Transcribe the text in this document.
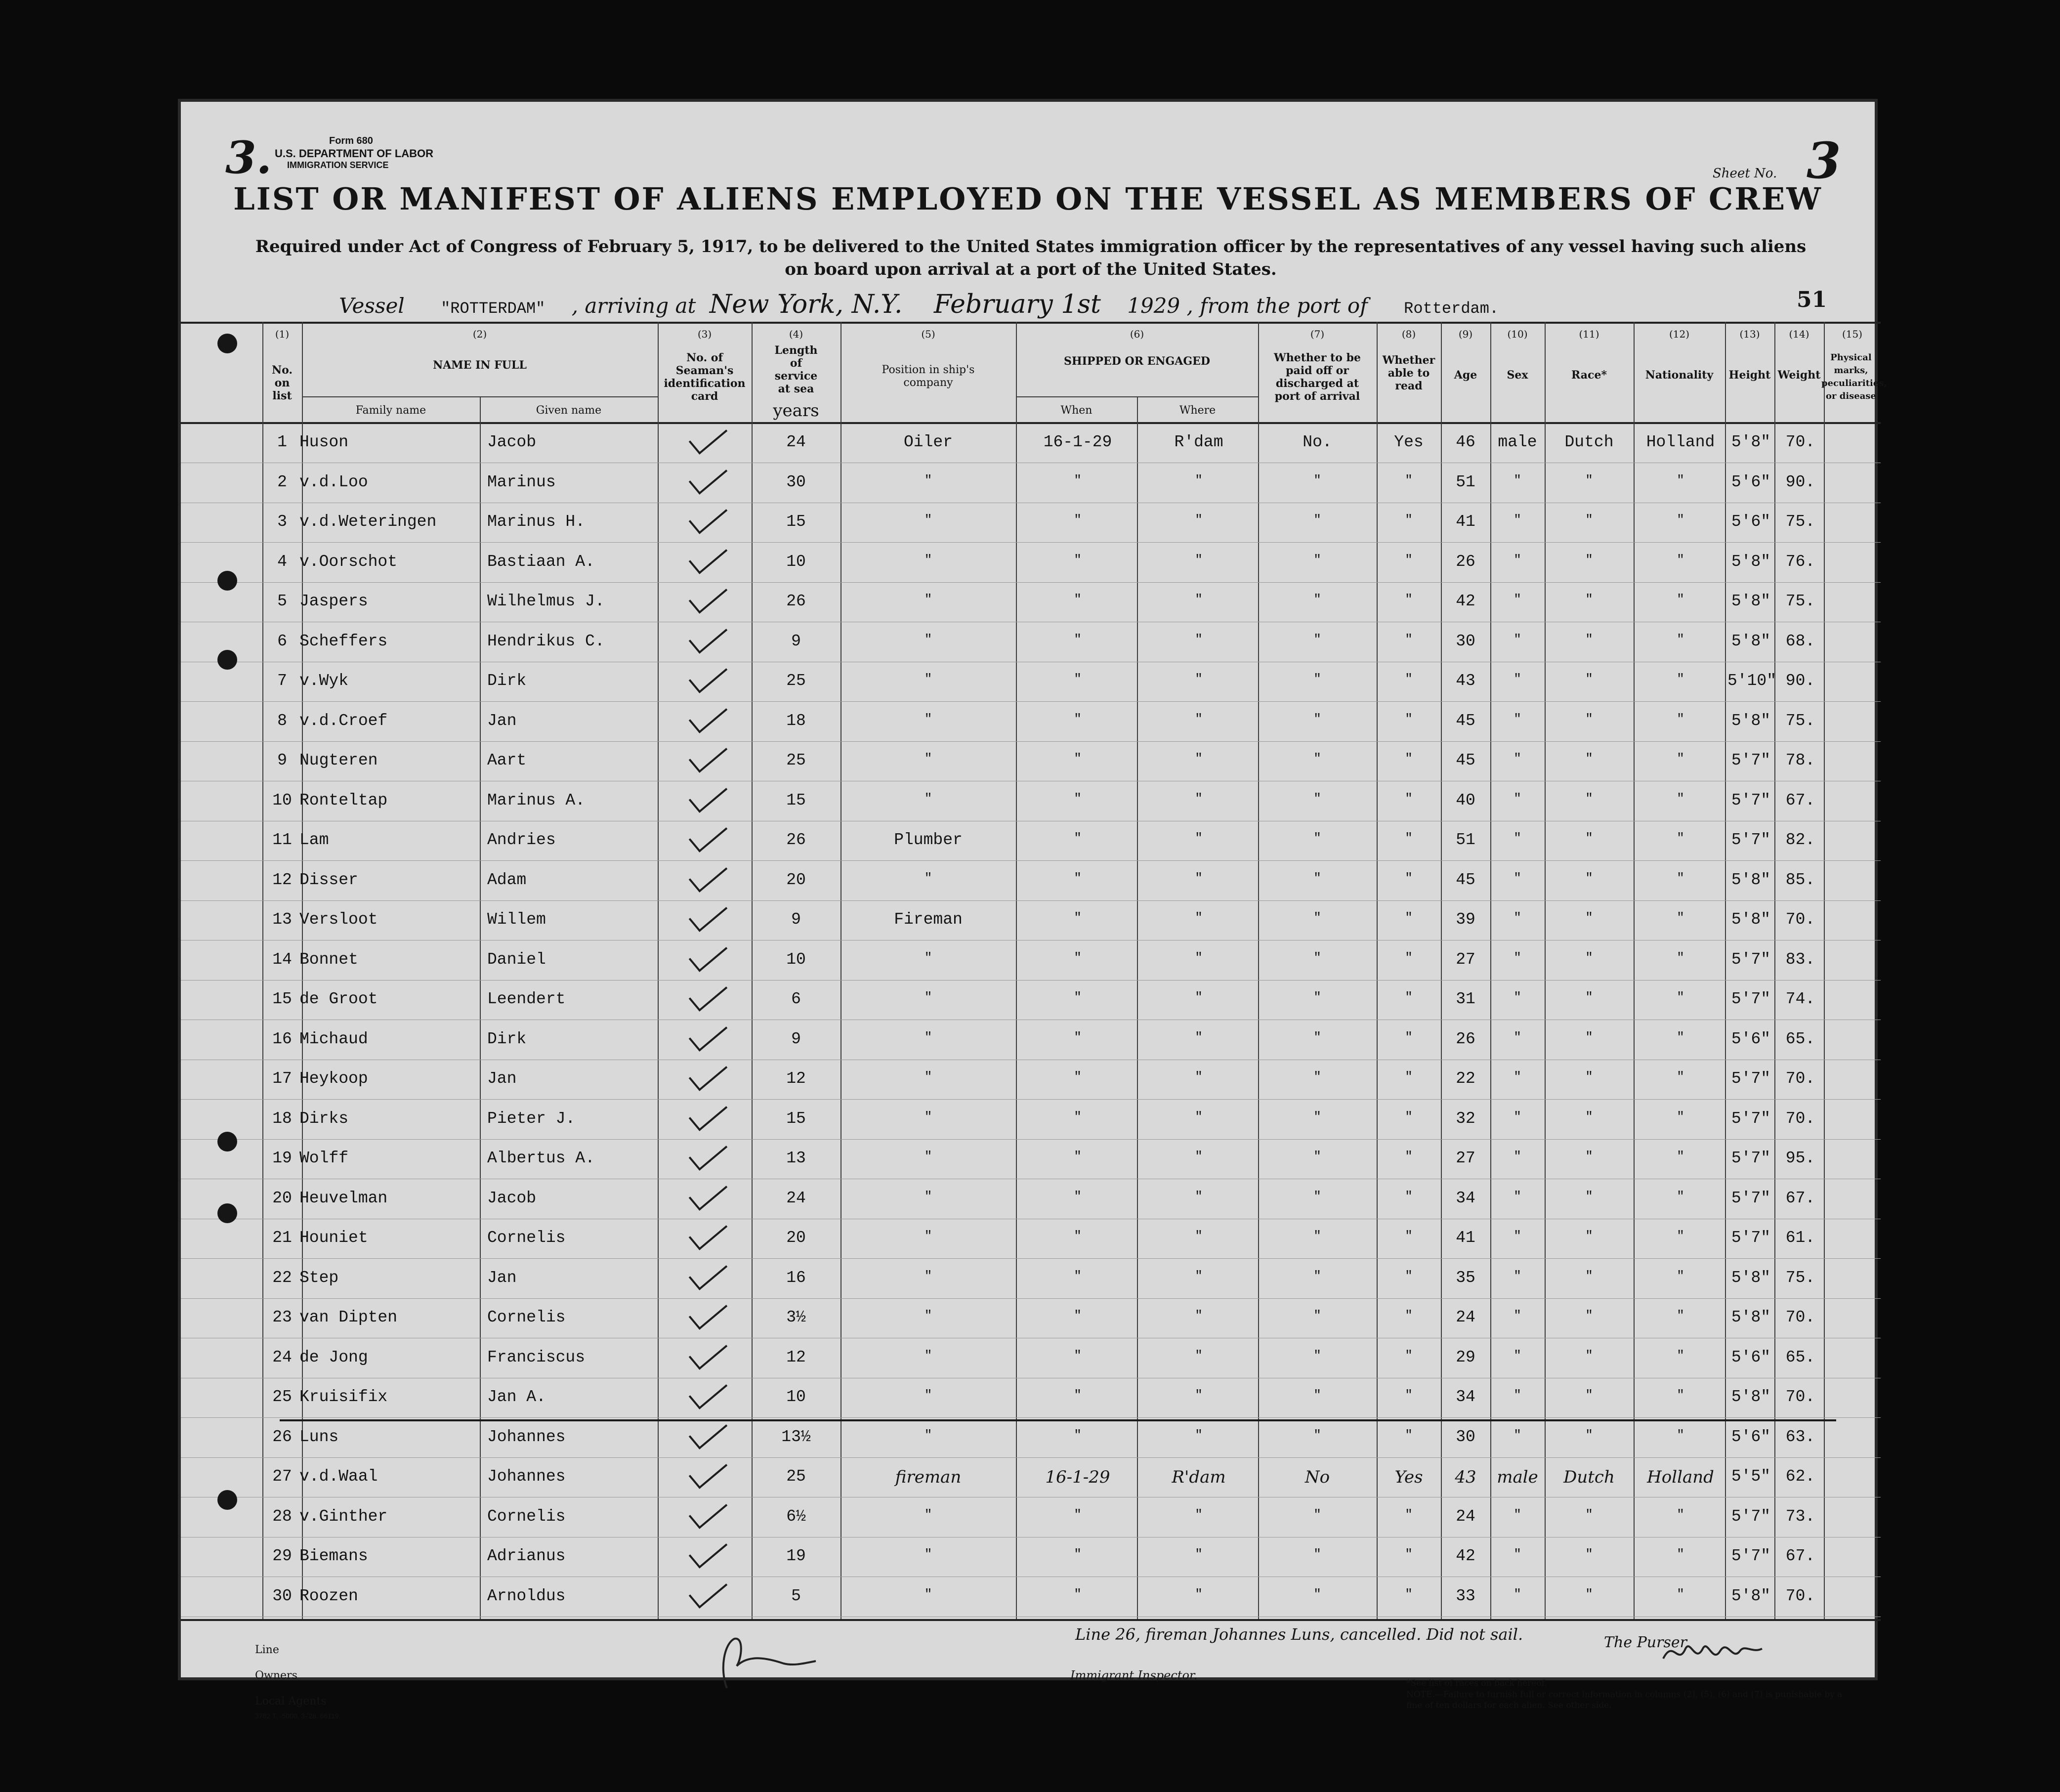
3.	Form 680
U.S. DEPARTMENT OF LABOR
IMMIGRATION SERVICE
Sheet No. 3
LIST OR MANIFEST OF ALIENS EMPLOYED ON THE VESSEL AS MEMBERS OF CREW
Required under Act of Congress of February 5, 1917, to be delivered to the United States immigration officer by the representatives of any vessel having such aliens on board upon arrival at a port of the United States.
51
Vessel "ROTTERDAM" , arriving at New York, N.Y. February 1st 1929 , from the port of Rotterdam.
(1)
No. on list
(2)
NAME IN FULL
Family name	Given name
(3)
No. of Seaman's identification card
(4)
Length of service at sea
years
(5)
Position in ship's company
(6)
SHIPPED OR ENGAGED
When	Where
(7)
Whether to be paid off or discharged at port of arrival
(8)
Whether able to read
(9)
Age
(10)
Sex
(11)
Race*
(12)
Nationality
(13)
Height
(14)
Weight
(15)
Physical marks, peculiarities, or disease
1 Huson	Jacob	24	Oiler	16-1-29	R'dam	No.	Yes	46	male	Dutch	Holland	5'8" 70.
2 v.d.Loo	Marinus	30	"	"	"	"	"	51	"	"	"	5'6" 90.
3 v.d.Weteringen	Marinus H.	15	"	"	"	"	"	41	"	"	"	5'6" 75.
4 v.Oorschot	Bastiaan A.	10	"	"	"	"	"	26	"	"	"	5'8" 76.
5 Jaspers	Wilhelmus J.	26	"	"	"	"	"	42	"	"	"	5'8" 75.
6 Scheffers	Hendrikus C.	9	"	"	"	"	"	30	"	"	"	5'8" 68.
7 v.Wyk	Dirk	25	"	"	"	"	"	43	"	"	"	5'10" 90.
8 v.d.Croef	Jan	18	"	"	"	"	"	45	"	"	"	5'8" 75.
9 Nugteren	Aart	25	"	"	"	"	"	45	"	"	"	5'7" 78.
10 Ronteltap	Marinus A.	15	"	"	"	"	"	40	"	"	"	5'7" 67.
11 Lam	Andries	26	Plumber	"	"	"	"	51	"	"	"	5'7" 82.
12 Disser	Adam	20	"	"	"	"	"	45	"	"	"	5'8" 85.
13 Versloot	Willem	9	Fireman	"	"	"	"	39	"	"	"	5'8" 70.
14 Bonnet	Daniel	10	"	"	"	"	"	27	"	"	"	5'7" 83.
15 de Groot	Leendert	6	"	"	"	"	"	31	"	"	"	5'7" 74.
16 Michaud	Dirk	9	"	"	"	"	"	26	"	"	"	5'6" 65.
17 Heykoop	Jan	12	"	"	"	"	"	22	"	"	"	5'7" 70.
18 Dirks	Pieter J.	15	"	"	"	"	"	32	"	"	"	5'7" 70.
19 Wolff	Albertus A.	13	"	"	"	"	"	27	"	"	"	5'7" 95.
20 Heuvelman	Jacob	24	"	"	"	"	"	34	"	"	"	5'7" 67.
21 Houniet	Cornelis	20	"	"	"	"	"	41	"	"	"	5'7" 61.
22 Step	Jan	16	"	"	"	"	"	35	"	"	"	5'8" 75.
23 van Dipten	Cornelis	3½	"	"	"	"	"	24	"	"	"	5'8" 70.
24 de Jong	Franciscus	12	"	"	"	"	"	29	"	"	"	5'6" 65.
25 Kruisifix	Jan A.	10	"	"	"	"	"	34	"	"	"	5'8" 70.
26 Luns	Johannes	13½	"	"	"	"	"	30	"	"	"	5'6" 63.
27 v.d.Waal	Johannes	25	fireman	16-1-29	R'dam	No	Yes	43	male	Dutch	Holland	5'5" 62.
28 v.Ginther	Cornelis	6½	"	"	"	"	"	24	"	"	"	5'7" 73.
29 Biemans	Adrianus	19	"	"	"	"	"	42	"	"	"	5'7" 67.
30 Roozen	Arnoldus	5	"	"	"	"	"	33	"	"	"	5'8" 70.
Line
Owners
Local Agents
3782 T. -5000. 3-'28. 66119.
Immigrant Inspector.
Line 26, fireman Johannes Luns, cancelled. Did not sail.	The Purser.
*See list of races on back hereof.
NOTE.—Failure to furnish full or correct information in columns (2), (5), (6) and (7) is punishable by a fine of ten dollars for each alien. See other side.
